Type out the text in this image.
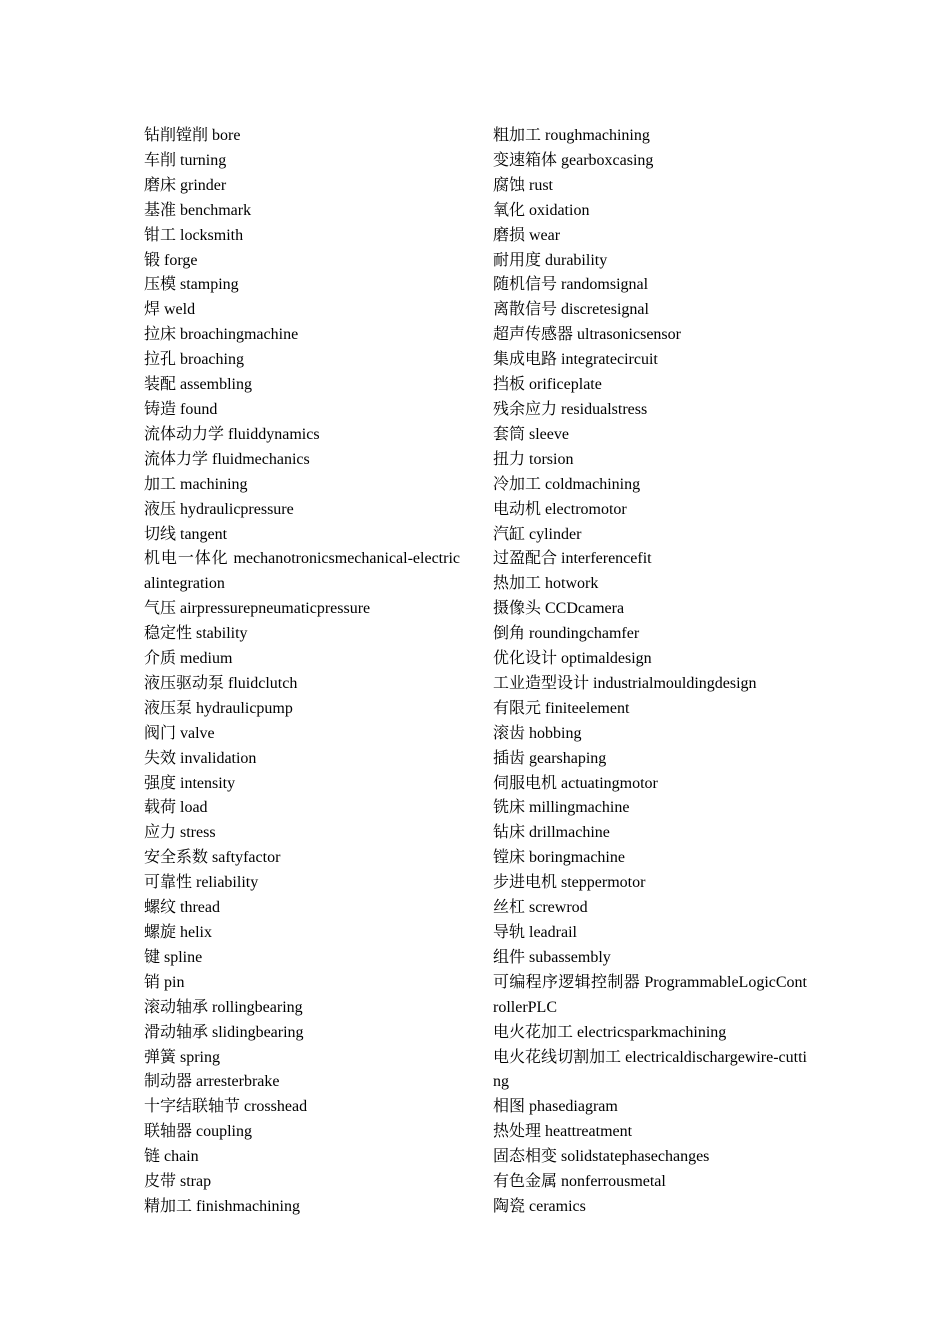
钻削镗削 bore
车削 turning
磨床 grinder
基准 benchmark
钳工 locksmith
锻 forge
压模 stamping
焊 weld
拉床 broachingmachine
拉孔 broaching
装配 assembling
铸造 found
流体动力学 fluiddynamics
流体力学 fluidmechanics
加工 machining
液压 hydraulicpressure
切线 tangent
机电一体化 mechanotronicsmechanical-electricalintegration
气压 airpressurepneumaticpressure
稳定性 stability
介质 medium
液压驱动泵 fluidclutch
液压泵 hydraulicpump
阀门 valve
失效 invalidation
强度 intensity
载荷 load
应力 stress
安全系数 saftyfactor
可靠性 reliability
螺纹 thread
螺旋 helix
键 spline
销 pin
滚动轴承 rollingbearing
滑动轴承 slidingbearing
弹簧 spring
制动器 arresterbrake
十字结联轴节 crosshead
联轴器 coupling
链 chain
皮带 strap
精加工 finishmachining
粗加工 roughmachining
变速箱体 gearboxcasing
腐蚀 rust
氧化 oxidation
磨损 wear
耐用度 durability
随机信号 randomsignal
离散信号 discretesignal
超声传感器 ultrasonicsensor
集成电路 integratecircuit
挡板 orificeplate
残余应力 residualstress
套筒 sleeve
扭力 torsion
冷加工 coldmachining
电动机 electromotor
汽缸 cylinder
过盈配合 interferencefit
热加工 hotwork
摄像头 CCDcamera
倒角 roundingchamfer
优化设计 optimaldesign
工业造型设计 industrialmouldingdesign
有限元 finiteelement
滚齿 hobbing
插齿 gearshaping
伺服电机 actuatingmotor
铣床 millingmachine
钻床 drillmachine
镗床 boringmachine
步进电机 steppermotor
丝杠 screwrod
导轨 leadrail
组件 subassembly
可编程序逻辑控制器 ProgrammableLogicControllerPLC
电火花加工 electricsparkmachining
电火花线切割加工 electricaldischargewire-cutting
相图 phasediagram
热处理 heattreatment
固态相变 solidstatephasechanges
有色金属 nonferrousmetal
陶瓷 ceramics
